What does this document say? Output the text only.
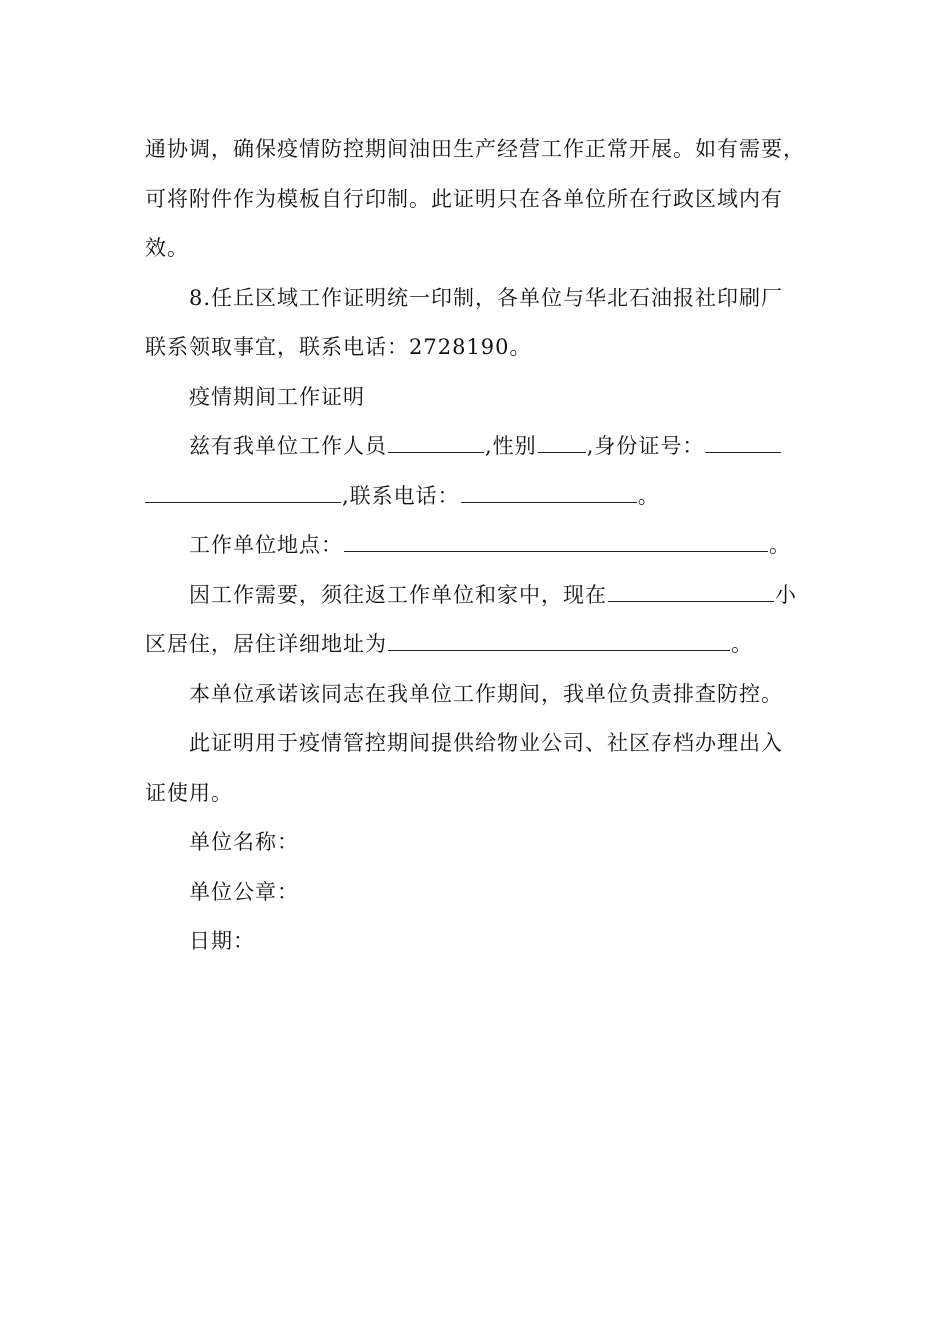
通协调，确保疫情防控期间油田生产经营工作正常开展。如有需要，

可将附件作为模板自行印制。此证明只在各单位所在行政区域内有

效。

8.任丘区域工作证明统一印制，各单位与华北石油报社印刷厂

联系领取事宜，联系电话：2728190。

疫情期间工作证明

兹有我单位工作人员	,性别 ,身份证号：

,联系电话：	。

工作单位地点：	。

因工作需要，须往返工作单位和家中，现在	小

区居住，居住详细地址为	。

本单位承诺该同志在我单位工作期间，我单位负责排查防控。

此证明用于疫情管控期间提供给物业公司、社区存档办理出入

证使用。

单位名称：

单位公章：

日期：
